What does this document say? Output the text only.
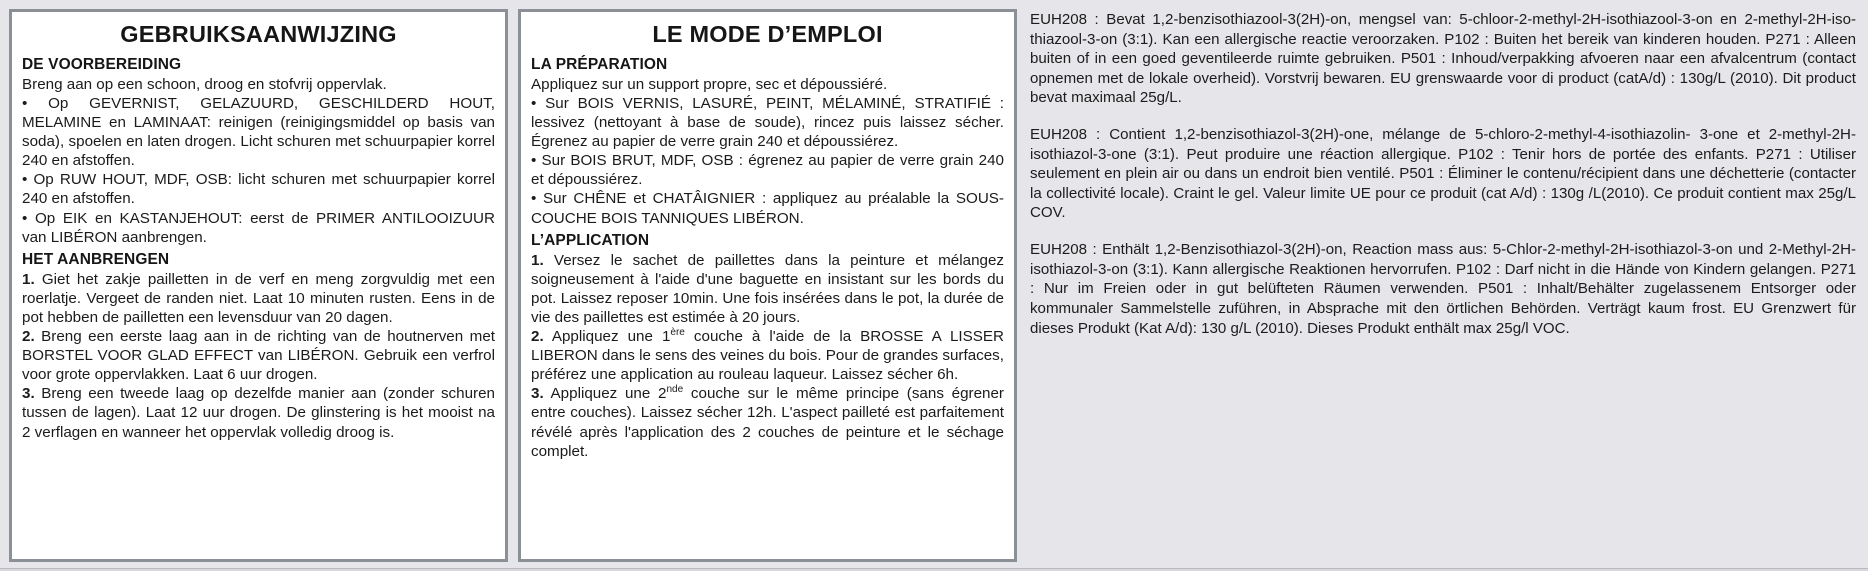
GEBRUIKSAANWIJZING
DE VOORBEREIDING

Breng aan op een schoon, droog en stofvrij oppervlak.

• Op GEVERNIST, GELAZUURD, GESCHILDERD HOUT, MELAMINE en LAMINAAT: reinigen (reinigingsmiddel op basis van soda), spoelen en laten drogen. Licht schuren met schuurpapier korrel 240 en afstoffen.

• Op RUW HOUT, MDF, OSB: licht schuren met schuurpapier korrel 240 en afstoffen.

• Op EIK en KASTANJEHOUT: eerst de PRIMER ANTILOOIZUUR van LIBÉRON aanbrengen.

HET AANBRENGEN

1. Giet het zakje pailletten in de verf en meng zorgvuldig met een roerlatje. Vergeet de randen niet. Laat 10 minuten rusten. Eens in de pot hebben de pailletten een levensduur van 20 dagen.

2. Breng een eerste laag aan in de richting van de houtnerven met BORSTEL VOOR GLAD EFFECT van LIBÉRON. Gebruik een verfrol voor grote oppervlakken. Laat 6 uur drogen.

3. Breng een tweede laag op dezelfde manier aan (zonder schuren tussen de lagen). Laat 12 uur drogen. De glinstering is het mooist na 2 verflagen en wanneer het oppervlak volledig droog is.

LE MODE D’EMPLOI
LA PRÉPARATION

Appliquez sur un support propre, sec et dépoussiéré.

• Sur BOIS VERNIS, LASURÉ, PEINT, MÉLAMINÉ, STRATIFIÉ : lessivez (nettoyant à base de soude), rincez puis laissez sécher. Égrenez au papier de verre grain 240 et dépoussiérez.

• Sur BOIS BRUT, MDF, OSB : égrenez au papier de verre grain 240 et dépoussiérez.

• Sur CHÊNE et CHATÂIGNIER : appliquez au préalable la SOUS-COUCHE BOIS TANNIQUES LIBÉRON.

L’APPLICATION

1. Versez le sachet de paillettes dans la peinture et mélangez soigneusement à l'aide d'une baguette en insistant sur les bords du pot. Laissez reposer 10min. Une fois insérées dans le pot, la durée de vie des paillettes est estimée à 20 jours.

2. Appliquez une 1ère couche à l'aide de la BROSSE A LISSER LIBERON dans le sens des veines du bois. Pour de grandes surfaces, préférez une application au rouleau laqueur. Laissez sécher 6h.

3. Appliquez une 2nde couche sur le même principe (sans égrener entre couches). Laissez sécher 12h. L'aspect pailleté est parfaitement révélé après l'application des 2 couches de peinture et le séchage complet.

EUH208 : Bevat 1,2-benzisothiazool-3(2H)-on, mengsel van: 5-chloor-2-methyl-2H-isothiazool-3-on en 2-methyl-2H-iso-thiazool-3-on (3:1). Kan een allergische reactie veroorzaken. P102 : Buiten het bereik van kinderen houden. P271 : Alleen buiten of in een goed geventileerde ruimte gebruiken. P501 : Inhoud/verpakking afvoeren naar een afvalcentrum (contact opnemen met de lokale overheid). Vorstvrij bewaren. EU grenswaarde voor di product (catA/d) : 130g/L (2010). Dit product bevat maximaal 25g/L.

EUH208 : Contient 1,2-benzisothiazol-3(2H)-one, mélange de 5-chloro-2-methyl-4-isothiazolin- 3-one et 2-methyl-2H-isothiazol-3-one (3:1). Peut produire une réaction allergique. P102 : Tenir hors de portée des enfants. P271 : Utiliser seulement en plein air ou dans un endroit bien ventilé. P501 : Éliminer le contenu/récipient dans une déchetterie (contacter la collectivité locale). Craint le gel. Valeur limite UE pour ce produit (cat A/d) : 130g /L(2010). Ce produit contient max 25g/L COV.

EUH208 : Enthält 1,2-Benzisothiazol-3(2H)-on, Reaction mass aus: 5-Chlor-2-methyl-2H-isothiazol-3-on und 2-Methyl-2H-isothiazol-3-on (3:1). Kann allergische Reaktionen hervorrufen. P102 : Darf nicht in die Hände von Kindern gelangen. P271 : Nur im Freien oder in gut belüfteten Räumen verwenden. P501 : Inhalt/Behälter zugelassenem Entsorger oder kommunaler Sammelstelle zuführen, in Absprache mit den örtlichen Behörden. Verträgt kaum frost. EU Grenzwert für dieses Produkt (Kat A/d): 130 g/L (2010). Dieses Produkt enthält max 25g/l VOC.
